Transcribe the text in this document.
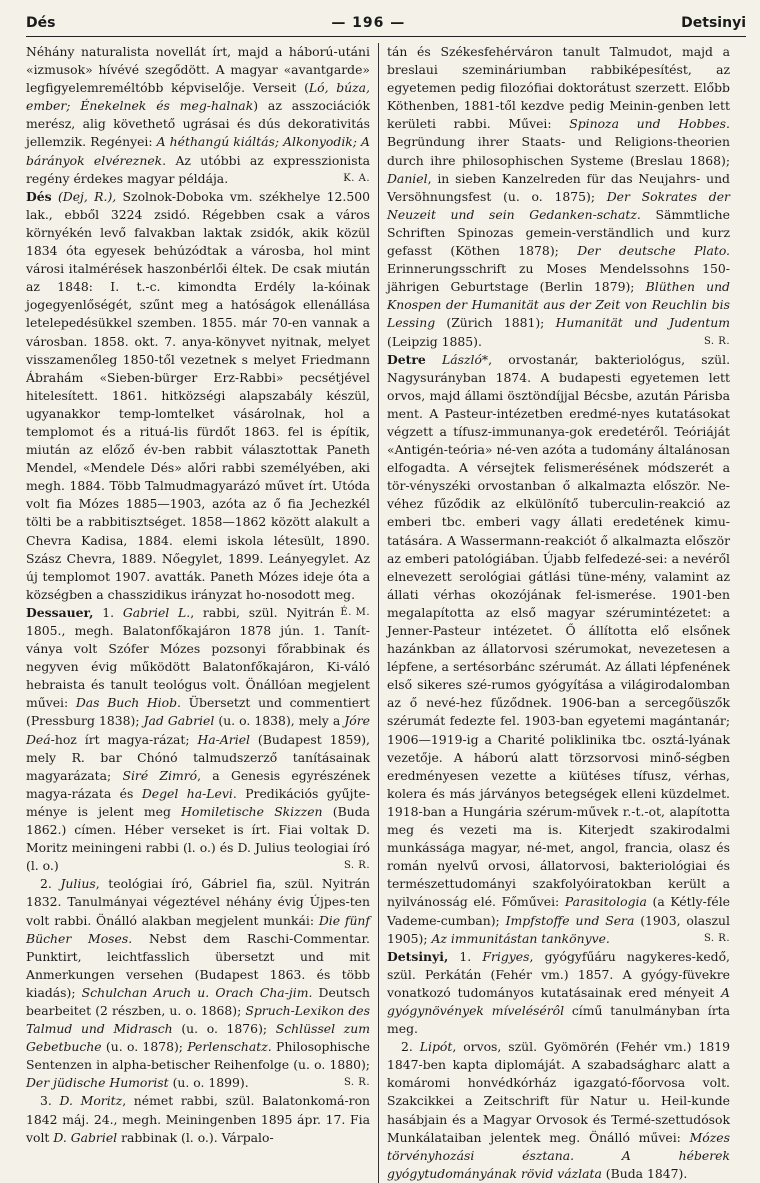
Dés	— 196 —	Detsinyi

Néhány naturalista novellát írt, majd a háború-utáni «izmusok» hívévé szegődött. A magyar «avantgarde» legfigyelemreméltóbb képviselője. Verseit (Ló, búza, ember; Énekelnek és meg-halnak) az asszociációk merész, alig követhető ugrásai és dús dekorativitás jellemzik. Regényei: A héthangú kiáltás; Alkonyodik; A bárányok elvéreznek. Az utóbbi az expresszionista regény érdekes magyar példája.	K. A.

Dés (Dej, R.), Szolnok-Doboka vm. székhelye 12.500 lak., ebből 3224 zsidó. Régebben csak a város környékén levő falvakban laktak zsidók, akik közül 1834 óta egyesek behúzódtak a városba, hol mint városi italmérések haszonbérlői éltek. De csak miután az 1848: I. t.-c. kimondta Erdély la-kóinak jogegyenlőségét, szűnt meg a hatóságok ellenállása letelepedésükkel szemben. 1855. már 70-en vannak a városban. 1858. okt. 7. anya-könyvet nyitnak, melyet visszamenőleg 1850-től vezetnek s melyet Friedmann Ábrahám «Sieben-bürger Erz-Rabbi» pecsétjével hitelesített. 1861. hitközségi alapszabály készül, ugyanakkor temp-lomtelket vásárolnak, hol a templomot és a rituá-lis fürdőt 1863. fel is építik, miután az előző év-ben rabbit választottak Paneth Mendel, «Mendele Dés» alőri rabbi személyében, aki megh. 1884. Több Talmudmagyarázó művet írt. Utóda volt fia Mózes 1885—1903, azóta az ő fia Jechezkél tölti be a rabbitisztséget. 1858—1862 között alakult a Chevra Kadisa, 1884. elemi iskola létesült, 1890. Szász Chevra, 1889. Nőegylet, 1899. Leányegylet. Az új templomot 1907. avatták. Paneth Mózes ideje óta a községben a chasszidikus irányzat ho-nosodott meg.
É. M.

Dessauer, 1. Gabriel L., rabbi, szül. Nyitrán 1805., megh. Balatonfőkajáron 1878 jún. 1. Tanít-ványa volt Szófer Mózes pozsonyi főrabbinak és negyven évig működött Balatonfőkajáron, Ki-váló hebraista és tanult teológus volt. Önállóan megjelent művei: Das Buch Hiob. Übersetzt und commentiert (Pressburg 1838); Jad Gabriel (u. o. 1838), mely a Jóre Deá-hoz írt magya-rázat; Ha-Ariel (Budapest 1859), mely R. bar Chónó talmudszerző tanításainak magyarázata; Siré Zimró, a Genesis egyrészének magya-rázata és Degel ha-Levi. Predikációs gyűjte-ménye is jelent meg Homiletische Skizzen (Buda 1862.) címen. Héber verseket is írt. Fiai voltak D. Moritz meiningeni rabbi (l. o.) és D. Julius teologiai író (l. o.)	S. R.

2. Julius, teológiai író, Gábriel fia, szül. Nyitrán 1832. Tanulmányai végeztével néhány évig Újpes-ten volt rabbi. Önálló alakban megjelent munkái: Die fünf Bücher Moses. Nebst dem Raschi-Commentar. Punktirt, leichtfasslich übersetzt und mit Anmerkungen versehen (Budapest 1863. és több kiadás); Schulchan Aruch u. Orach Cha-jim. Deutsch bearbeitet (2 részben, u. o. 1868); Spruch-Lexikon des Talmud und Midrasch (u. o. 1876); Schlüssel zum Gebetbuche (u. o. 1878); Perlenschatz. Philosophische Sentenzen in alpha-betischer Reihenfolge (u. o. 1880); Der jüdische Humorist (u. o. 1899).	S. R.

3. D. Moritz, német rabbi, szül. Balatonkomá-ron 1842 máj. 24., megh. Meiningenben 1895 ápr. 17. Fia volt D. Gabriel rabbinak (l. o.). Várpalo-

tán és Székesfehérváron tanult Talmudot, majd a breslaui szemináriumban rabbiképesítést, az egyetemen pedig filozófiai doktorátust szerzett. Előbb Köthenben, 1881-től kezdve pedig Meinin-genben lett kerületi rabbi. Művei: Spinoza und Hobbes. Begründung ihrer Staats- und Religions-theorien durch ihre philosophischen Systeme (Breslau 1868); Daniel, in sieben Kanzelreden für das Neujahrs- und Versöhnungsfest (u. o. 1875); Der Sokrates der Neuzeit und sein Gedanken-schatz. Sämmtliche Schriften Spinozas gemein-verständlich und kurz gefasst (Köthen 1878); Der deutsche Plato. Erinnerungsschrift zu Moses Mendelssohns 150-jährigen Geburtstage (Berlin 1879); Blüthen und Knospen der Humanität aus der Zeit von Reuchlin bis Lessing (Zürich 1881); Humanität und Judentum (Leipzig 1885).	S. R.

Detre László*, orvostanár, bakteriológus, szül. Nagysurányban 1874. A budapesti egyetemen lett orvos, majd állami ösztöndíjjal Bécsbe, azután Párisba ment. A Pasteur-intézetben eredmé-nyes kutatásokat végzett a tífusz-immunanya-gok eredetéről. Teóriáját «Antigén-teória» né-ven azóta a tudomány általánosan elfogadta. A vérsejtek felismerésének módszerét a tör-vényszéki orvostanban ő alkalmazta először. Ne-véhez fűződik az elkülönítő tuberculin-reakció az emberi tbc. emberi vagy állati eredetének kimu-tatására. A Wassermann-reakciót ő alkalmazta először az emberi patológiában. Újabb felfedezé-sei: a nevéről elnevezett serológiai gátlási tüne-mény, valamint az állati vérhas okozójának fel-ismerése. 1901-ben megalapította az első magyar szérumintézetet: a Jenner-Pasteur intézetet. Ő állította elő elsőnek hazánkban az állatorvosi szérumokat, nevezetesen a lépfene, a sertésorbánc szérumát. Az állati lépfenének első sikeres szé-rumos gyógyítása a világirodalomban az ő nevé-hez fűződnek. 1906-ban a sercegőüszők szérumát fedezte fel. 1903-ban egyetemi magántanár; 1906—1919-ig a Charité poliklinika tbc. osztá-lyának vezetője. A háború alatt törzsorvosi minő-ségben eredményesen vezette a kiütéses tífusz, vérhas, kolera és más járványos betegségek elleni küzdelmet. 1918-ban a Hungária szérum-művek r.-t.-ot, alapította meg és vezeti ma is. Kiterjedt szakirodalmi munkássága magyar, né-met, angol, francia, olasz és román nyelvű orvosi, állatorvosi, bakteriológiai és természettudományi szakfolyóiratokban került a nyilvánosság elé. Főművei: Parasitologia (a Kétly-féle Vademe-cumban); Impfstoffe und Sera (1903, olaszul 1905); Az immunitástan tankönyve.	S. R.

Detsinyi, 1. Frigyes, gyógyfűáru nagykeres-kedő, szül. Perkátán (Fehér vm.) 1857. A gyógy-füvekre vonatkozó tudományos kutatásainak ered ményeit A gyógynövények mívelésérôl című tanulmányban írta meg.

2. Lipót, orvos, szül. Gyömörén (Fehér vm.) 1819 1847-ben kapta diplomáját. A szabadságharc alatt a komáromi honvédkórház igazgató-főorvosa volt. Szakcikkei a Zeitschrift für Natur u. Heil-kunde hasábjain és a Magyar Orvosok és Termé-szettudósok Munkálataiban jelentek meg. Önálló művei: Mózes törvényhozási észtana. A héberek gyógytudományának rövid vázlata (Buda 1847).
